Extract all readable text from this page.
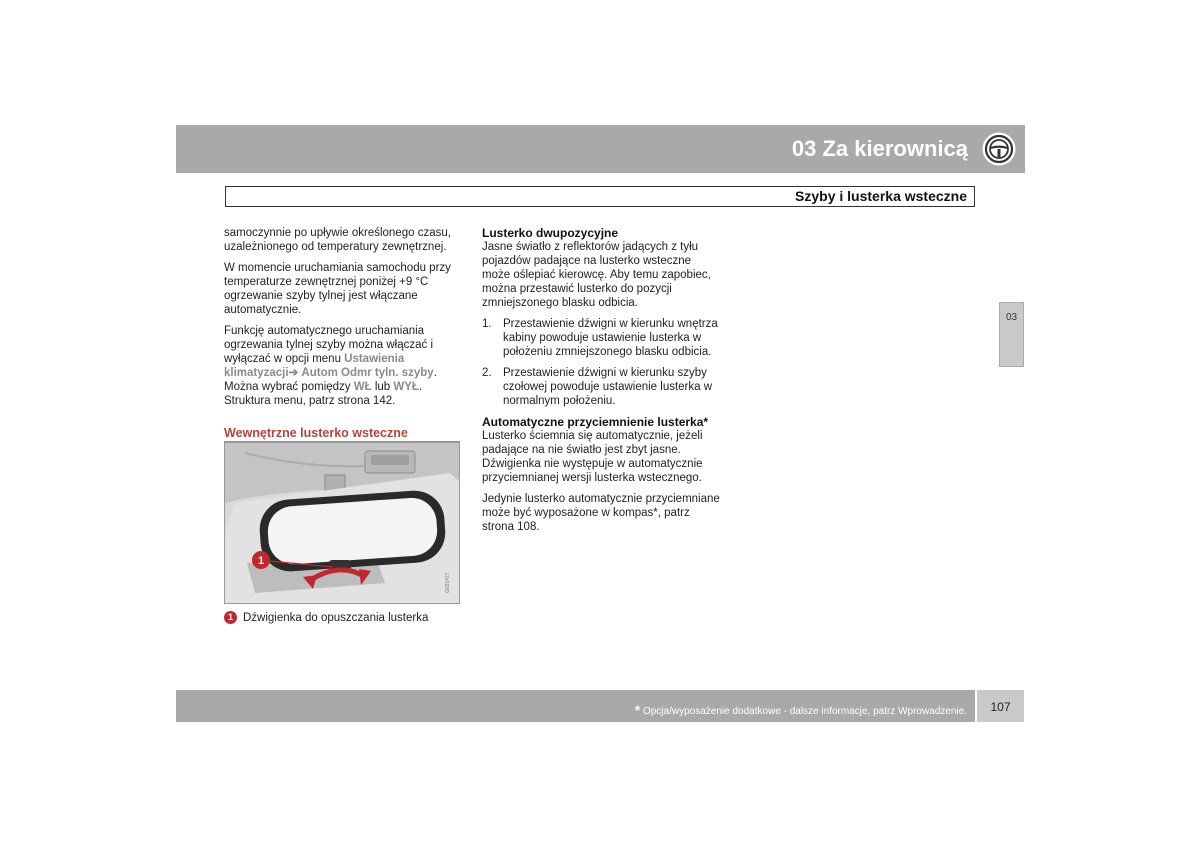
03 Za kierownicą
Szyby i lusterka wsteczne
03

samoczynnie po upływie określonego czasu, uzależnionego od temperatury zewnętrznej.

W momencie uruchamiania samochodu przy temperaturze zewnętrznej poniżej +9 °C ogrzewanie szyby tylnej jest włączane automatycznie.

Funkcję automatycznego uruchamiania ogrzewania tylnej szyby można włączać i wyłączać w opcji menu Ustawienia klimatyzacji➔ Autom Odmr tyln. szyby. Można wybrać pomiędzy WŁ lub WYŁ. Struktura menu, patrz strona 142.

Wewnętrzne lusterko wsteczne
1
G031477
1 Dźwigienka do opuszczania lusterka
Lusterko dwupozycyjne

Jasne światło z reflektorów jadących z tyłu pojazdów padające na lusterko wsteczne może oślepiać kierowcę. Aby temu zapobiec, można przestawić lusterko do pozycji zmniejszonego blasku odbicia.

1. Przestawienie dźwigni w kierunku wnętrza kabiny powoduje ustawienie lusterka w położeniu zmniejszonego blasku odbicia.
2. Przestawienie dźwigni w kierunku szyby czołowej powoduje ustawienie lusterka w normalnym położeniu.
Automatyczne przyciemnienie lusterka*

Lusterko ściemnia się automatycznie, jeżeli padające na nie światło jest zbyt jasne. Dźwigienka nie występuje w automatycznie przyciemnianej wersji lusterka wstecznego.

Jedynie lusterko automatycznie przyciemniane może być wyposażone w kompas*, patrz strona 108.

* Opcja/wyposażenie dodatkowe - dalsze informacje, patrz Wprowadzenie.	107
